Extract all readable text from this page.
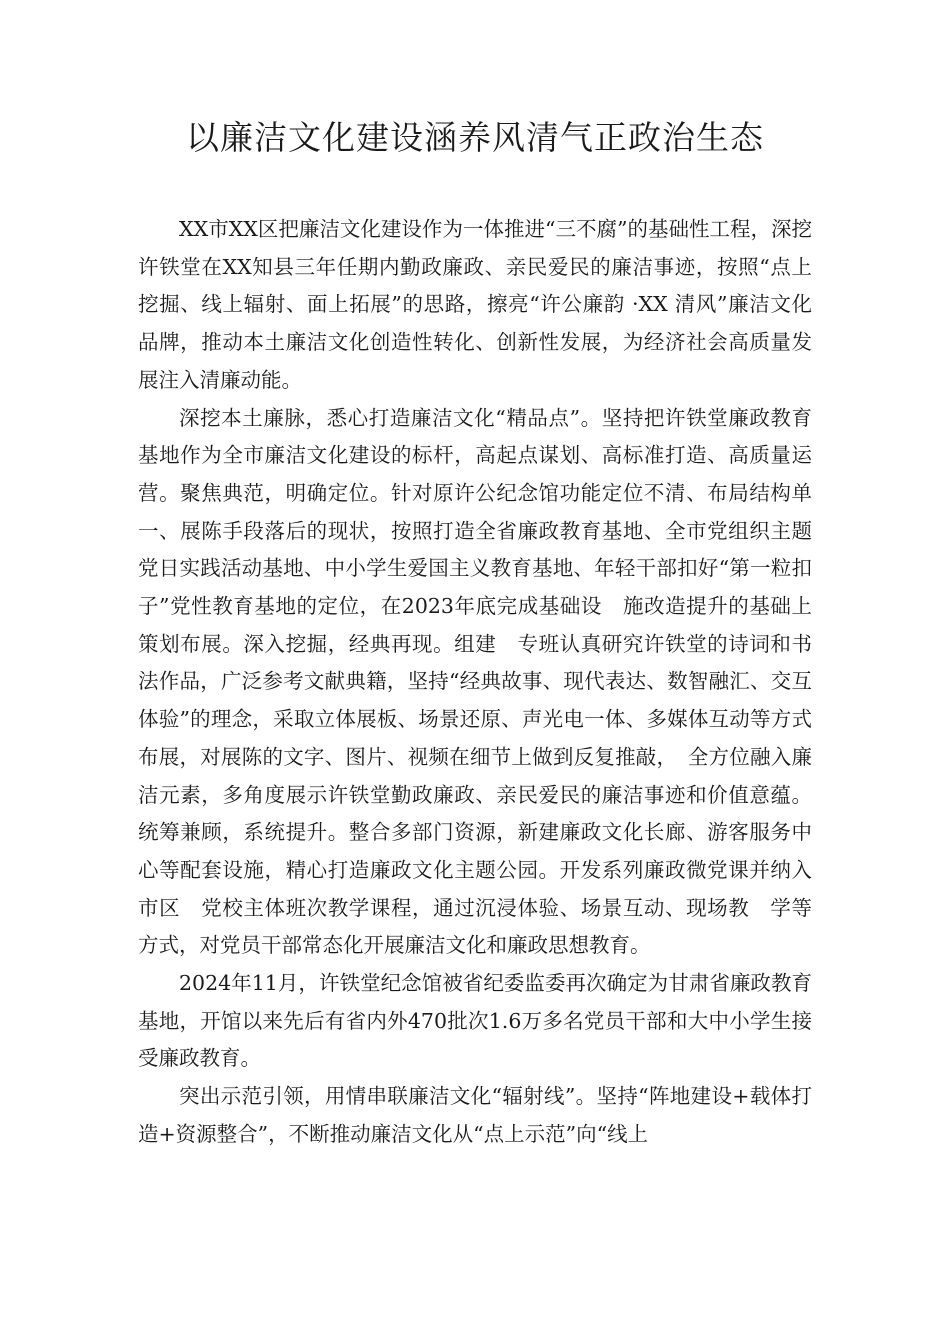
以廉洁文化建设涵养风清气正政治生态

XX市XX区把廉洁文化建设作为一体推进“三不腐”的基础性工程，深挖许铁堂在XX知县三年任期内勤政廉政、亲民爱民的廉洁事迹，按照“点上挖掘、线上辐射、面上拓展”的思路，擦亮“许公廉韵 ·XX 清风”廉洁文化品牌，推动本土廉洁文化创造性转化、创新性发展，为经济社会高质量发展注入清廉动能。

深挖本土廉脉，悉心打造廉洁文化“精品点”。坚持把许铁堂廉政教育基地作为全市廉洁文化建设的标杆，高起点谋划、高标准打造、高质量运营。聚焦典范，明确定位。针对原许公纪念馆功能定位不清、布局结构单一、展陈手段落后的现状，按照打造全省廉政教育基地、全市党组织主题党日实践活动基地、中小学生爱国主义教育基地、年轻干部扣好“第一粒扣子”党性教育基地的定位，在2023年底完成基础设　施改造提升的基础上策划布展。深入挖掘，经典再现。组建　专班认真研究许铁堂的诗词和书法作品，广泛参考文献典籍，坚持“经典故事、现代表达、数智融汇、交互体验”的理念，采取立体展板、场景还原、声光电一体、多媒体互动等方式 布展，对展陈的文字、图片、视频在细节上做到反复推敲，　全方位融入廉洁元素，多角度展示许铁堂勤政廉政、亲民爱民的廉洁事迹和价值意蕴。统筹兼顾，系统提升。整合多部门资源，新建廉政文化长廊、游客服务中心等配套设施，精心打造廉政文化主题公园。开发系列廉政微党课并纳入市区　党校主体班次教学课程，通过沉浸体验、场景互动、现场教　学等方式，对党员干部常态化开展廉洁文化和廉政思想教育。

2024年11月，许铁堂纪念馆被省纪委监委再次确定为甘肃省廉政教育基地，开馆以来先后有省内外470批次1.6万多名党员干部和大中小学生接受廉政教育。

突出示范引领，用情串联廉洁文化“辐射线”。坚持“阵地建设+载体打造+资源整合”，不断推动廉洁文化从“点上示范”向“线上
